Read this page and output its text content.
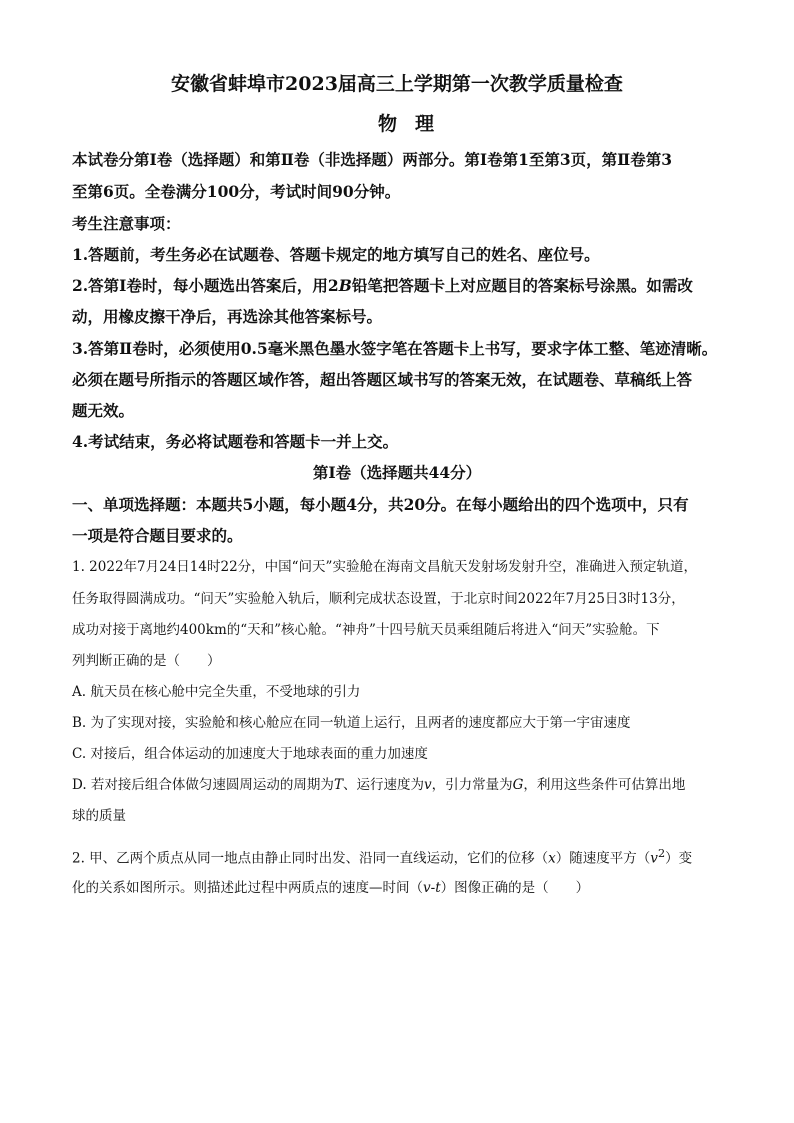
安徽省蚌埠市2023届高三上学期第一次教学质量检查
物理
本试卷分第Ⅰ卷（选择题）和第Ⅱ卷（非选择题）两部分。第Ⅰ卷第1至第3页，第Ⅱ卷第3
至第6页。全卷满分100分，考试时间90分钟。
考生注意事项：
1.答题前，考生务必在试题卷、答题卡规定的地方填写自己的姓名、座位号。
2.答第Ⅰ卷时，每小题选出答案后，用2B铅笔把答题卡上对应题目的答案标号涂黑。如需改
动，用橡皮擦干净后，再选涂其他答案标号。
3.答第Ⅱ卷时，必须使用0.5毫米黑色墨水签字笔在答题卡上书写，要求字体工整、笔迹清晰。
必须在题号所指示的答题区域作答，超出答题区域书写的答案无效，在试题卷、草稿纸上答
题无效。
4.考试结束，务必将试题卷和答题卡一并上交。
第Ⅰ卷（选择题共44分）
一、单项选择题：本题共5小题，每小题4分，共20分。在每小题给出的四个选项中，只有
一项是符合题目要求的。
1. 2022年7月24日14时22分，中国“问天”实验舱在海南文昌航天发射场发射升空，准确进入预定轨道，
任务取得圆满成功。“问天”实验舱入轨后，顺利完成状态设置，于北京时间2022年7月25日3时13分，
成功对接于离地约400km的“天和”核心舱。“神舟”十四号航天员乘组随后将进入“问天”实验舱。下
列判断正确的是（　　）
A. 航天员在核心舱中完全失重，不受地球的引力
B. 为了实现对接，实验舱和核心舱应在同一轨道上运行，且两者的速度都应大于第一宇宙速度
C. 对接后，组合体运动的加速度大于地球表面的重力加速度
D. 若对接后组合体做匀速圆周运动的周期为T、运行速度为v，引力常量为G，利用这些条件可估算出地
球的质量
2. 甲、乙两个质点从同一地点由静止同时出发、沿同一直线运动，它们的位移（x）随速度平方$(v^2)$变
化的关系如图所示。则描述此过程中两质点的速度—时间（v-t）图像正确的是（　　）
